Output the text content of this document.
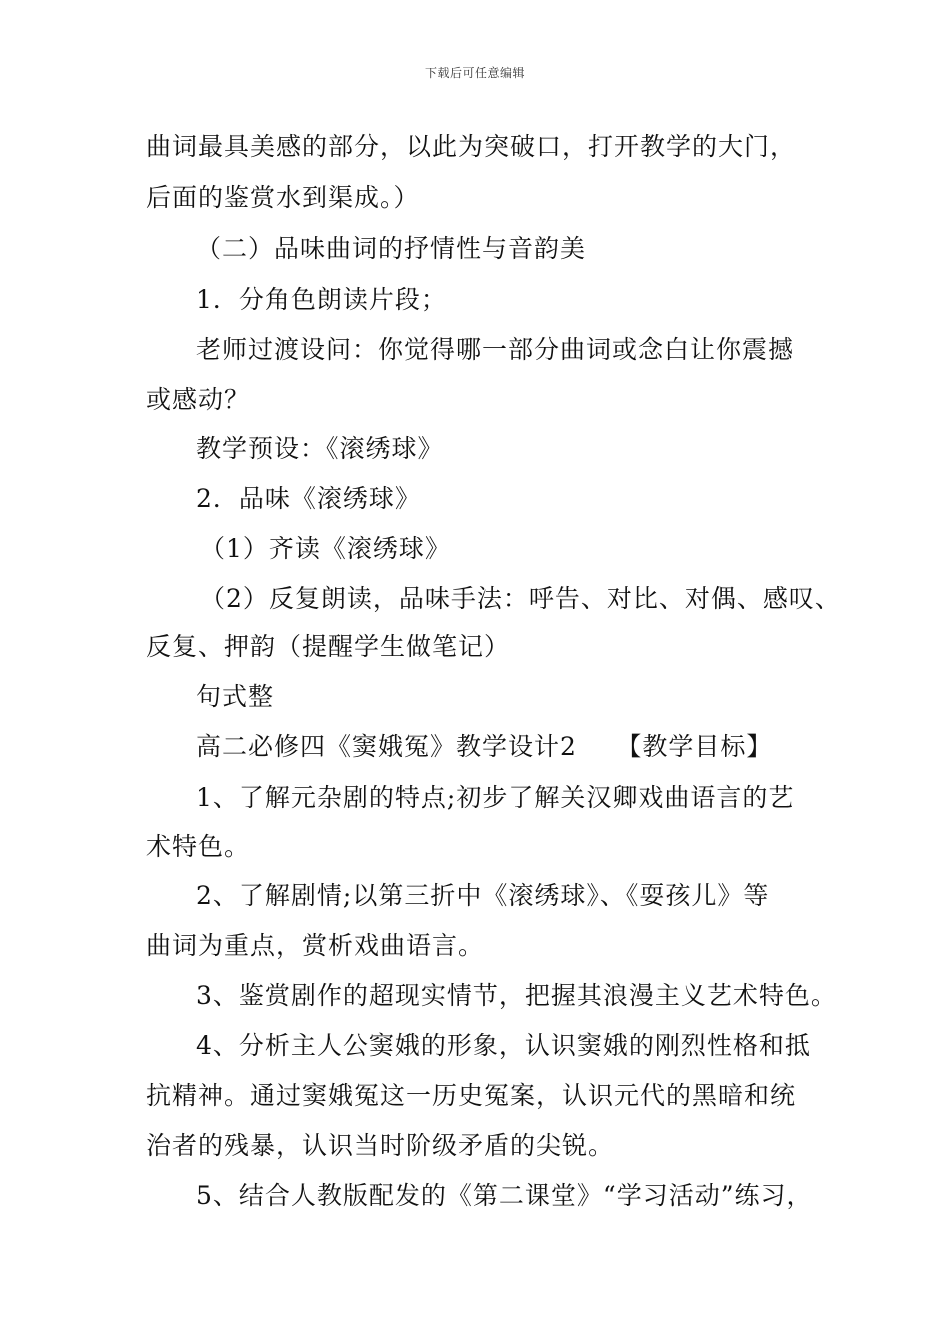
下载后可任意编辑
曲词最具美感的部分，以此为突破口，打开教学的大门，
后面的鉴赏水到渠成。）
（二）品味曲词的抒情性与音韵美
1．分角色朗读片段；
老师过渡设问：你觉得哪一部分曲词或念白让你震撼
或感动？
教学预设：《滚绣球》
2．品味《滚绣球》
（1）齐读《滚绣球》
（2）反复朗读，品味手法：呼告、对比、对偶、感叹、
反复、押韵（提醒学生做笔记）
句式整
高二必修四《窦娥冤》教学设计2　　【教学目标】
1、了解元杂剧的特点;初步了解关汉卿戏曲语言的艺
术特色。
2、了解剧情;以第三折中《滚绣球》、《耍孩儿》等
曲词为重点，赏析戏曲语言。
3、鉴赏剧作的超现实情节，把握其浪漫主义艺术特色。
4、分析主人公窦娥的形象，认识窦娥的刚烈性格和抵
抗精神。通过窦娥冤这一历史冤案，认识元代的黑暗和统
治者的残暴，认识当时阶级矛盾的尖锐。
5、结合人教版配发的《第二课堂》“学习活动”练习，
